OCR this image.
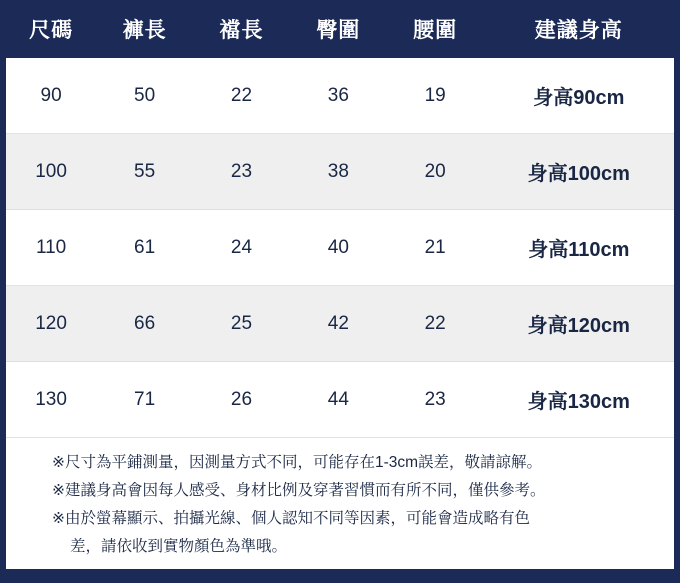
尺碼	褲長	襠長	臀圍	腰圍	建議身高
90	50	22	36	19	身高90cm
100	55	23	38	20	身高100cm
110	61	24	40	21	身高110cm
120	66	25	42	22	身高120cm
130	71	26	44	23	身高130cm

※尺寸為平鋪測量，因測量方式不同，可能存在1-3cm誤差，敬請諒解。

※建議身高會因每人感受、身材比例及穿著習慣而有所不同，僅供參考。

※由於螢幕顯示、拍攝光線、個人認知不同等因素，可能會造成略有色

差，請依收到實物顏色為準哦。
